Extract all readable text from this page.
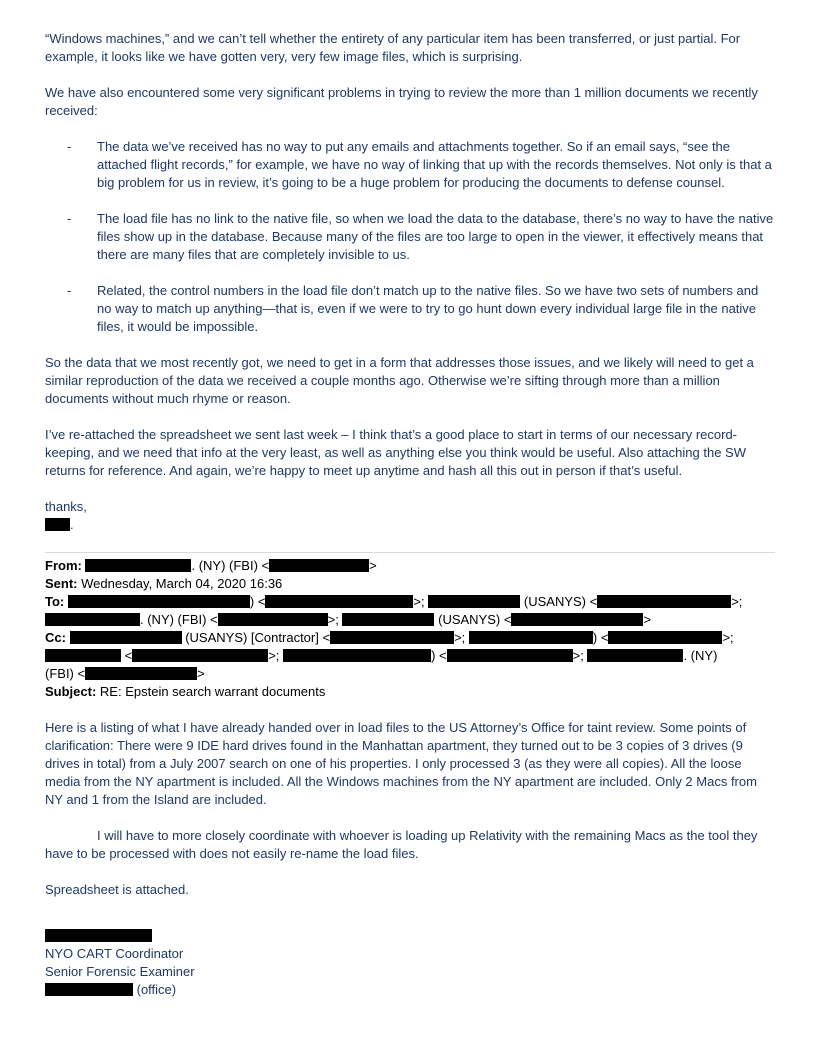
“Windows machines,” and we can’t tell whether the entirety of any particular item has been transferred, or just partial. For example, it looks like we have gotten very, very few image files, which is surprising.

We have also encountered some very significant problems in trying to review the more than 1 million documents we recently received:

- The data we’ve received has no way to put any emails and attachments together. So if an email says, “see the attached flight records,” for example, we have no way of linking that up with the records themselves. Not only is that a big problem for us in review, it’s going to be a huge problem for producing the documents to defense counsel.
- The load file has no link to the native file, so when we load the data to the database, there’s no way to have the native files show up in the database. Because many of the files are too large to open in the viewer, it effectively means that there are many files that are completely invisible to us.
- Related, the control numbers in the load file don’t match up to the native files. So we have two sets of numbers and no way to match up anything—that is, even if we were to try to go hunt down every individual large file in the native files, it would be impossible.

So the data that we most recently got, we need to get in a form that addresses those issues, and we likely will need to get a similar reproduction of the data we received a couple months ago. Otherwise we’re sifting through more than a million documents without much rhyme or reason.

I’ve re-attached the spreadsheet we sent last week – I think that’s a good place to start in terms of our necessary record-keeping, and we need that info at the very least, as well as anything else you think would be useful. Also attaching the SW returns for reference. And again, we’re happy to meet up anytime and hash all this out in person if that’s useful.

thanks,

.

From:	. (NY) (FBI) <	>

Sent: Wednesday, March 04, 2020 16:36

To:	) <	>;	(USANYS) <	>;
. (NY) (FBI) <	>;	(USANYS) <	>

Cc:	(USANYS) [Contractor] <	>;	) <	>;
<	>;	) <	>;	. (NY)
(FBI) <	>

Subject: RE: Epstein search warrant documents

Here is a listing of what I have already handed over in load files to the US Attorney’s Office for taint review. Some points of clarification: There were 9 IDE hard drives found in the Manhattan apartment, they turned out to be 3 copies of 3 drives (9 drives in total) from a July 2007 search on one of his properties. I only processed 3 (as they were all copies). All the loose media from the NY apartment is included. All the Windows machines from the NY apartment are included. Only 2 Macs from NY and 1 from the Island are included.

I will have to more closely coordinate with whoever is loading up Relativity with the remaining Macs as the tool they have to be processed with does not easily re-name the load files.

Spreadsheet is attached.

NYO CART Coordinator

Senior Forensic Examiner

(office)
